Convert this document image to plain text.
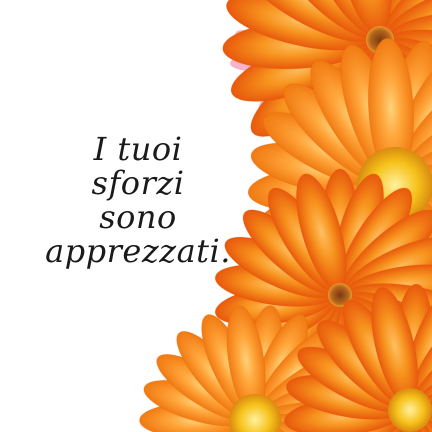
I tuoi
sforzi
sono
apprezzati.
